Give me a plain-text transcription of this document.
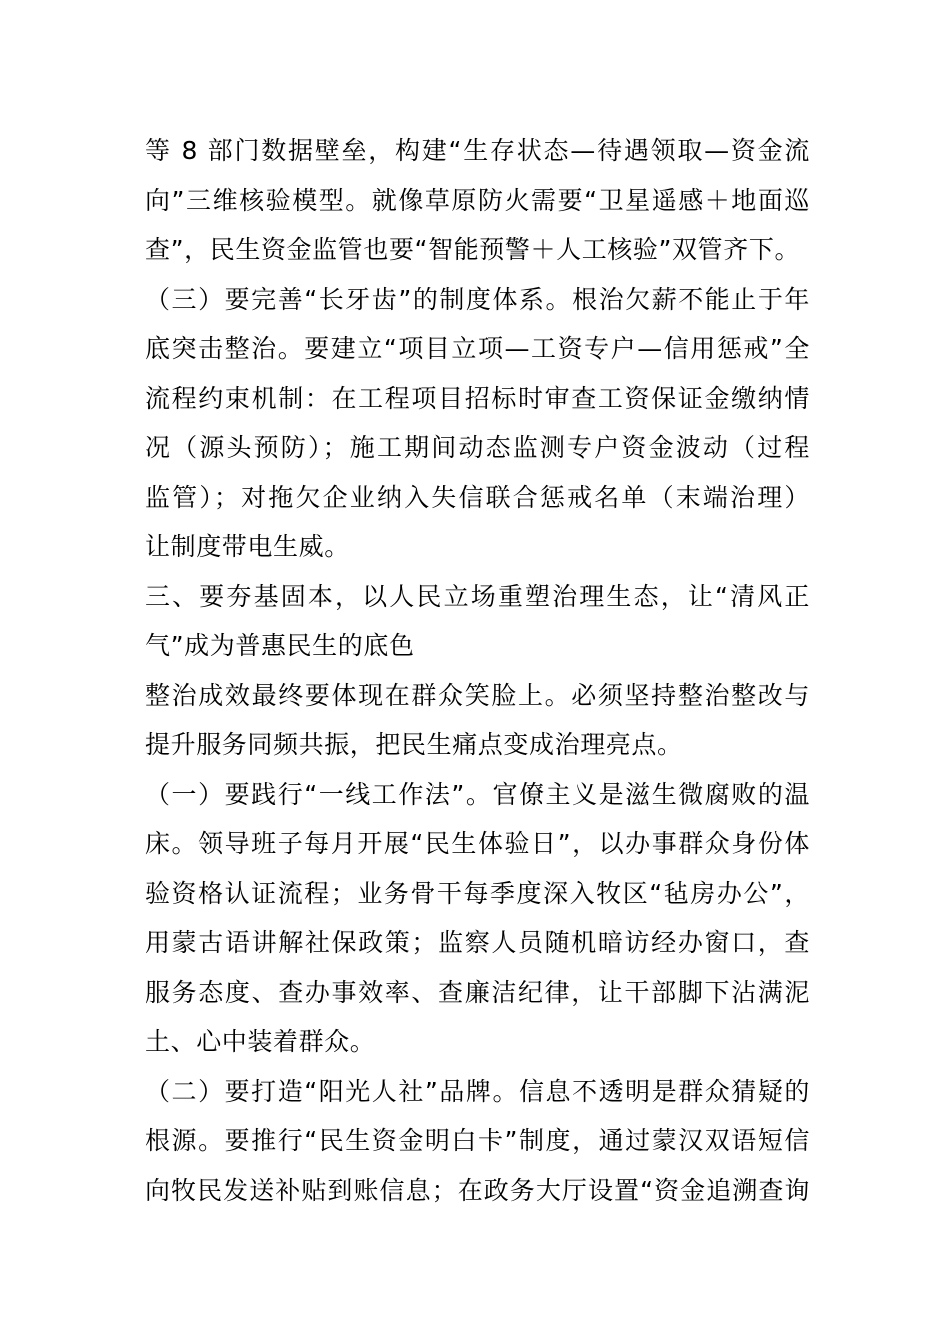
等 8 部门数据壁垒，构建“生存状态—待遇领取—资金流
向”三维核验模型。就像草原防火需要“卫星遥感＋地面巡
查”，民生资金监管也要“智能预警＋人工核验”双管齐下。
（三）要完善“长牙齿”的制度体系。根治欠薪不能止于年
底突击整治。要建立“项目立项—工资专户—信用惩戒”全
流程约束机制：在工程项目招标时审查工资保证金缴纳情
况（源头预防）；施工期间动态监测专户资金波动（过程
监管）；对拖欠企业纳入失信联合惩戒名单（末端治理）
让制度带电生威。
三、要夯基固本，以人民立场重塑治理生态，让“清风正
气”成为普惠民生的底色
整治成效最终要体现在群众笑脸上。必须坚持整治整改与
提升服务同频共振，把民生痛点变成治理亮点。
（一）要践行“一线工作法”。官僚主义是滋生微腐败的温
床。领导班子每月开展“民生体验日”，以办事群众身份体
验资格认证流程；业务骨干每季度深入牧区“毡房办公”，
用蒙古语讲解社保政策；监察人员随机暗访经办窗口，查
服务态度、查办事效率、查廉洁纪律，让干部脚下沾满泥
土、心中装着群众。
（二）要打造“阳光人社”品牌。信息不透明是群众猜疑的
根源。要推行“民生资金明白卡”制度，通过蒙汉双语短信
向牧民发送补贴到账信息；在政务大厅设置“资金追溯查询
